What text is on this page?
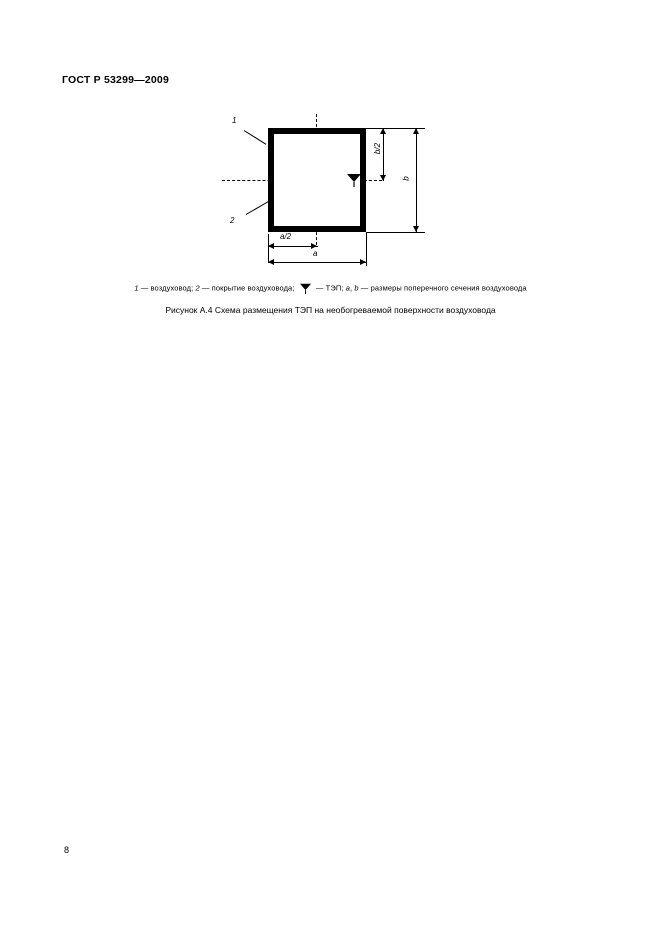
ГОСТ Р 53299—2009
1
2
b/2
b
a/2
a
1 — воздуховод; 2 — покрытие воздуховода;  — ТЭП; a, b — размеры поперечного сечения воздуховода
Рисунок А.4 Схема размещения ТЭП на необогреваемой поверхности воздуховода
8
